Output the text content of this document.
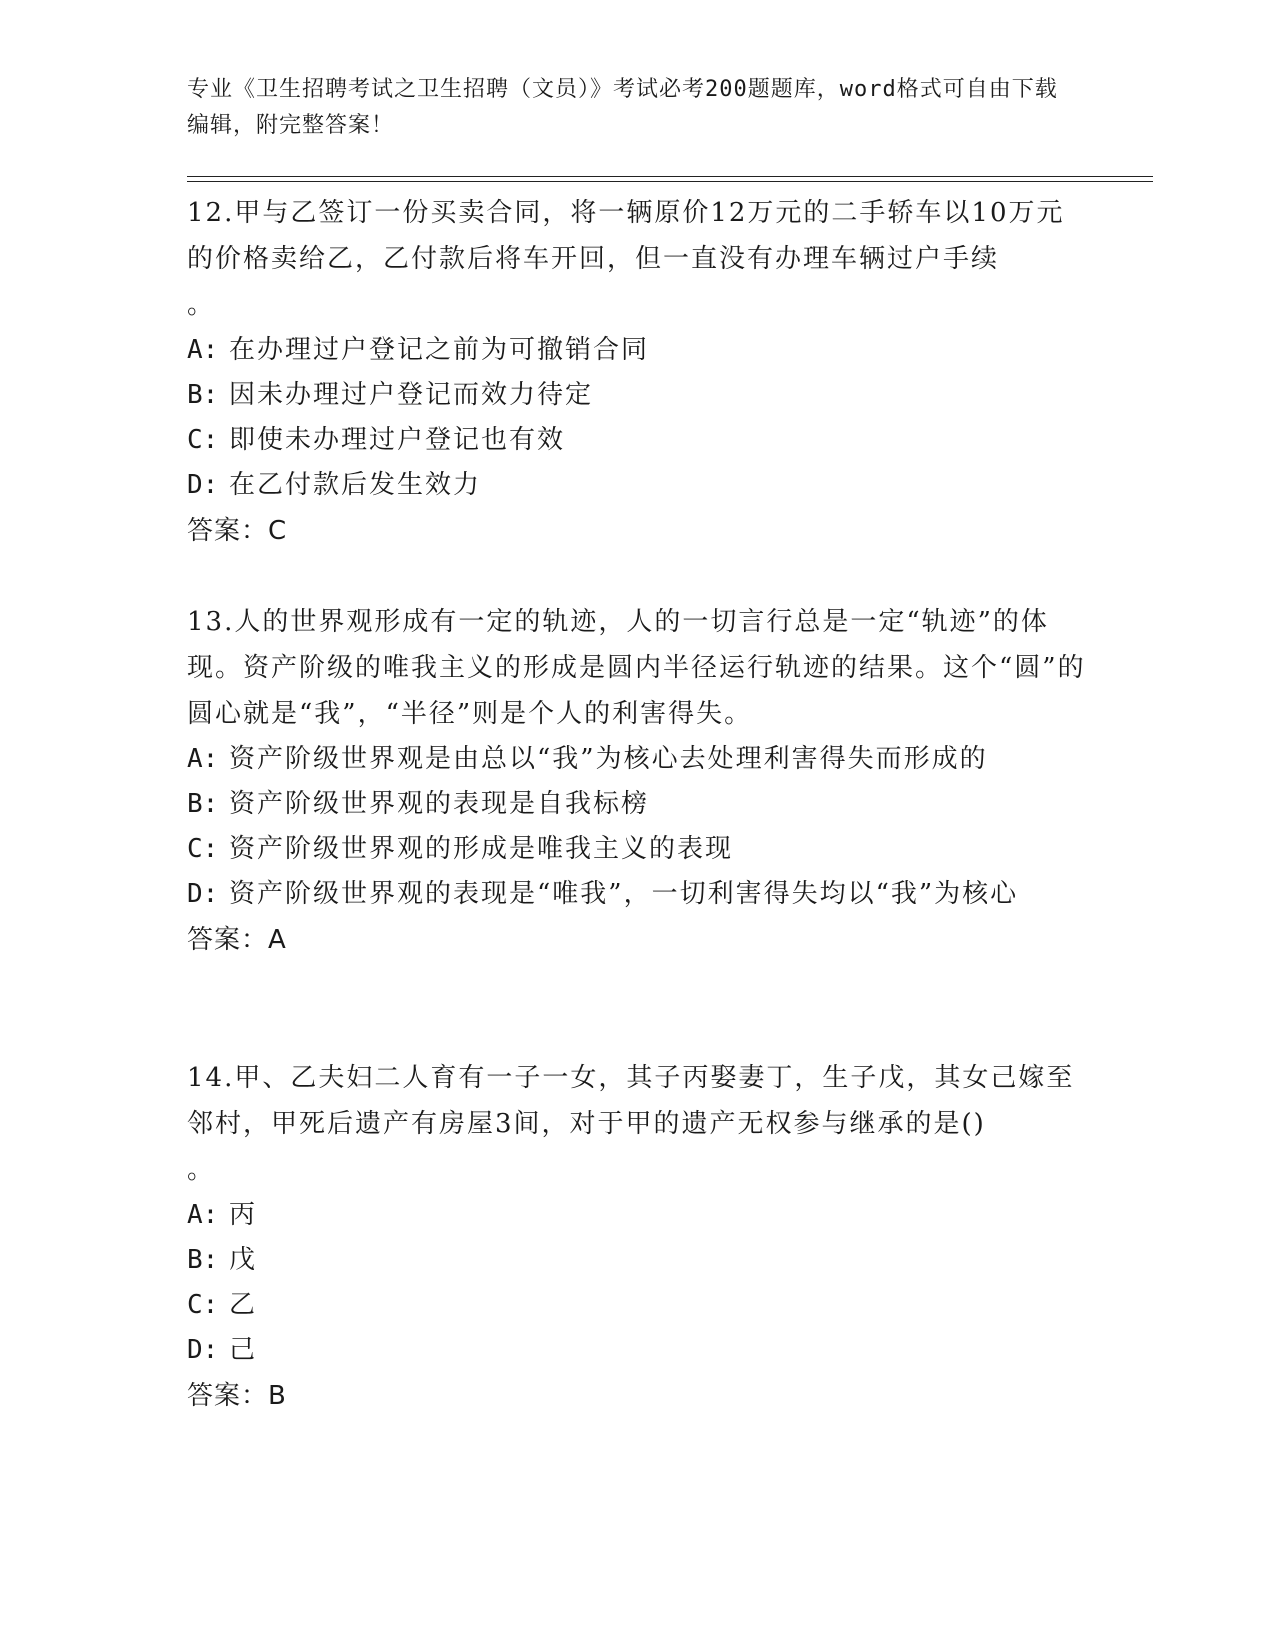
专业《卫生招聘考试之卫生招聘（文员）》考试必考200题题库，word格式可自由下载编辑，附完整答案！

12.甲与乙签订一份买卖合同，将一辆原价12万元的二手轿车以10万元的价格卖给乙，乙付款后将车开回，但一直没有办理车辆过户手续
。

A: 在办理过户登记之前为可撤销合同

B: 因未办理过户登记而效力待定

C: 即使未办理过户登记也有效

D: 在乙付款后发生效力

答案：C

13.人的世界观形成有一定的轨迹，人的一切言行总是一定“轨迹”的体现。资产阶级的唯我主义的形成是圆内半径运行轨迹的结果。这个“圆”的圆心就是“我”，“半径”则是个人的利害得失。

A: 资产阶级世界观是由总以“我”为核心去处理利害得失而形成的

B: 资产阶级世界观的表现是自我标榜

C: 资产阶级世界观的形成是唯我主义的表现

D: 资产阶级世界观的表现是“唯我”，一切利害得失均以“我”为核心

答案：A

14.甲、乙夫妇二人育有一子一女，其子丙娶妻丁，生子戊，其女己嫁至邻村，甲死后遗产有房屋3间，对于甲的遗产无权参与继承的是()
。

A: 丙

B: 戊

C: 乙

D: 己

答案：B
